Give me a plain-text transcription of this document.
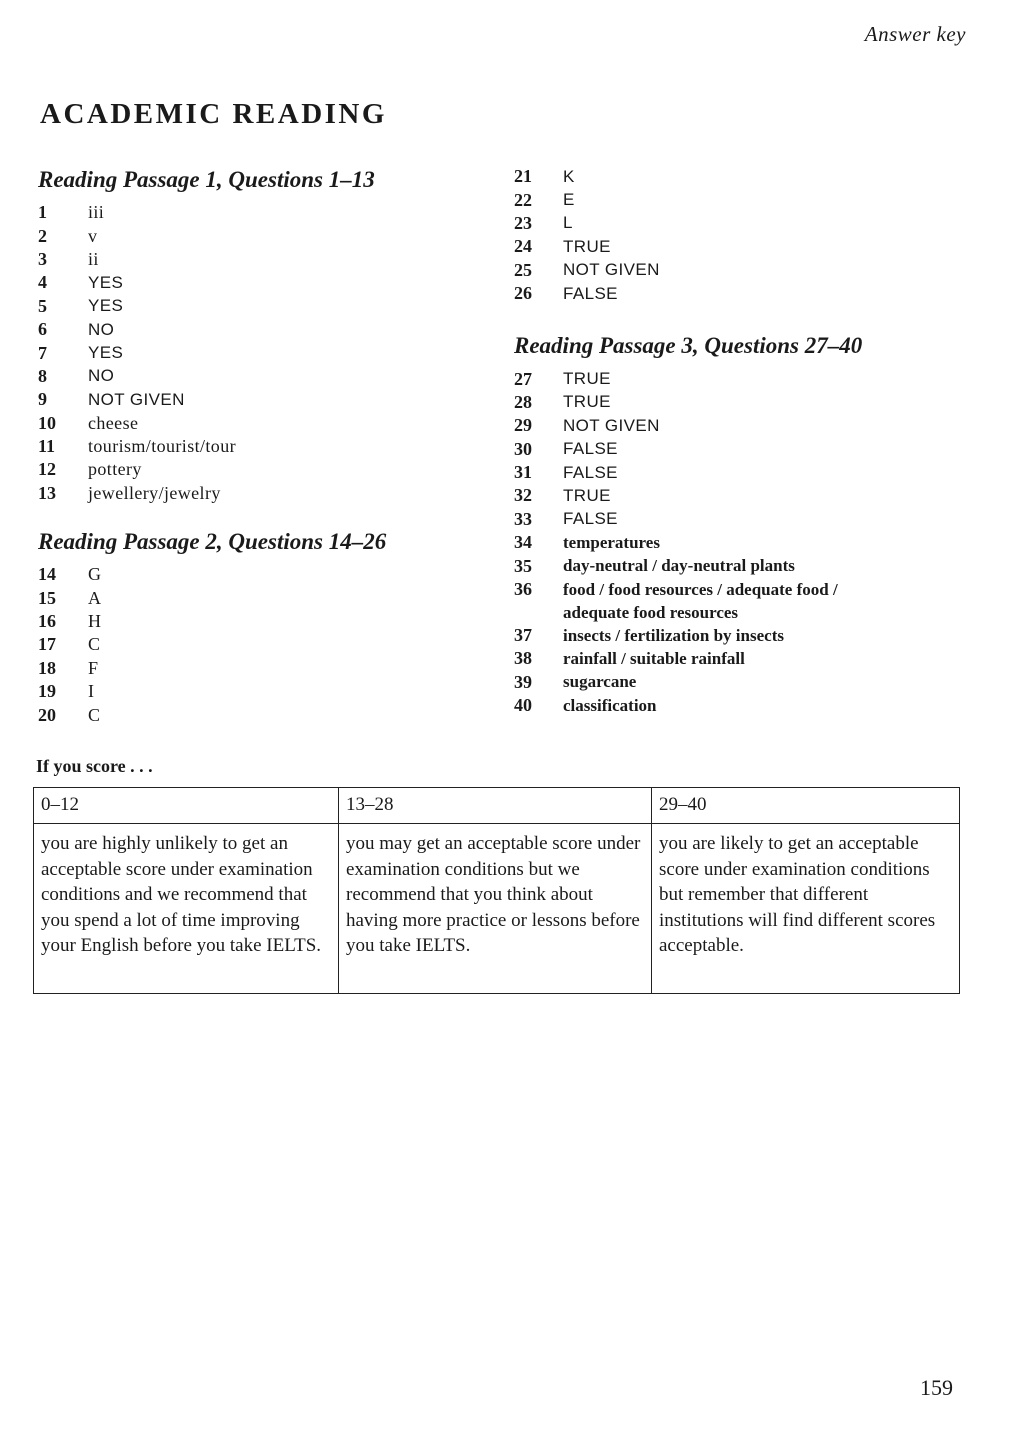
Answer key
ACADEMIC READING
Reading Passage 1, Questions 1–13
1	iii
2	v
3	ii
4	YES
5	YES
6	NO
7	YES
8	NO
9	NOT GIVEN
10	cheese
11	tourism/tourist/tour
12	pottery
13	jewellery/jewelry
Reading Passage 2, Questions 14–26
14	G
15	A
16	H
17	C
18	F
19	I
20	C
21	K
22	E
23	L
24	TRUE
25	NOT GIVEN
26	FALSE
Reading Passage 3, Questions 27–40
27	TRUE
28	TRUE
29	NOT GIVEN
30	FALSE
31	FALSE
32	TRUE
33	FALSE
34	temperatures
35	day-neutral / day-neutral plants
36	food / food resources / adequate food / adequate food resources
37	insects / fertilization by insects
38	rainfall / suitable rainfall
39	sugarcane
40	classification
If you score . . .
0–12	13–28	29–40
you are highly unlikely to get an acceptable score under examination conditions and we recommend that you spend a lot of time improving your English before you take IELTS.	you may get an acceptable score under examination conditions but we recommend that you think about having more practice or lessons before you take IELTS.	you are likely to get an acceptable score under examination conditions but remember that different institutions will find different scores acceptable.
159
